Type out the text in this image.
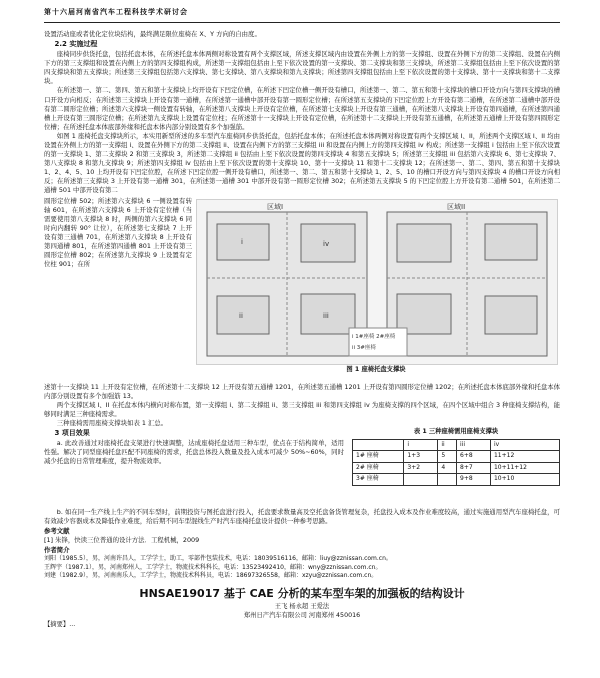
第十六届河南省汽车工程科技学术研讨会

设置活动座或者优化定位块结构，最终满足限位座椅在 X、Y 方向的自由度。

2.2 实施过程

座椅同步供货托盘，包括托盘本体，在所述托盘本体两侧对称设置有两个支撑区域，所述支撑区域内由设置在外侧上方的第一支撑组、设置在外侧下方的第二支撑组、设置在内侧下方的第三支撑组和设置在内侧上方的第四支撑组构成，所述第一支撑组包括由上至下依次设置的第一支撑块、第二支撑块和第三支撑块，所述第二支撑组包括由上至下依次设置的第四支撑块和第五支撑块；所述第三支撑组包括第六支撑块、第七支撑块、第八支撑块和第九支撑块；所述第四支撑组包括由上至下依次设置的第十支撑块、第十一支撑块和第十二支撑块。

在所述第一、第二、第四、第五和第十支撑块上均开设有下凹定位槽，在所述下凹定位槽一侧开设有槽口，所述第一、第二、第五和第十支撑块的槽口开设方向与第四支撑块的槽口开设方向相反；在所述第三支撑块上开设有第一通槽，在所述第一通槽中部开设有第一圆形定位槽；在所述第五支撑块的下凹定位腔上方开设有第二通槽，在所述第二通槽中部开设有第二圆形定位槽；所述第六支撑块一侧设置有转轴，在所述第八支撑块上开设有定位槽，在所述第七支撑块上开设有第三通槽，在所述第八支撑块上开设有第四通槽，在所述第四通槽上开设有第三圆形定位槽；在所述第九支撑块上设置有定位柱；在所述第十一支撑块上开设有定位槽，在所述第十二支撑块上开设有第五通槽，在所述第五通槽上开设有第四圆形定位槽；在所述托盘本体底部外缘和托盘本体内部分别设置有多个加强筋。

如图 1 座椅托盘支撑块所示，本实用新型所述的多车型汽车座椅同步供货托盘，包括托盘本体；在所述托盘本体两侧对称设置有两个支撑区域 I、II，所述两个支撑区域 I、II 均由设置在外侧上方的第一支撑组 i、设置在外侧下方的第二支撑组 ii、设置在内侧下方的第三支撑组 iii 和设置在内侧上方的第四支撑组 iv 构成；所述第一支撑组 i 包括由上至下依次设置的第一支撑块 1、第二支撑块 2 和第三支撑块 3，所述第二支撑组 ii 包括由上至下依次设置的第四支撑块 4 和第五支撑块 5；所述第三支撑组 iii 包括第六支撑块 6、第七支撑块 7、第八支撑块 8 和第九支撑块 9；所述第四支撑组 iv 包括由上至下依次设置的第十支撑块 10、第十一支撑块 11 和第十二支撑块 12；在所述第一、第二、第四、第五和第十支撑块 1、2、4、5、10 上均开设有下凹定位腔，在所述下凹定位腔一侧开设有槽口，所述第一、第二、第五和第十支撑块 1、2、5、10 的槽口开设方向与第四支撑块 4 的槽口开设方向相反；在所述第三支撑块 3 上开设有第一通槽 301，在所述第一通槽 301 中部开设有第一圆形定位槽 302；在所述第五支撑块 5 的下凹定位腔上方开设有第二通槽 501，在所述第二通槽 501 中部开设有第二

圆形定位槽 502；所述第六支撑块 6 一侧设置有转轴 601，在所述第六支撑块 6 上开设有定位槽（当需要使用第八支撑块 8 时，两侧的第六支撑块 6 同时向内翻转 90° 让位），在所述第七支撑块 7 上开设有第三通槽 701，在所述第八支撑块 8 上开设有第四通槽 801，在所述第四通槽 801 上开设有第三圆形定位槽 802；在所述第九支撑块 9 上设置有定位柱 901；在所

区域I	区域II
i
ii	iii
iv
i 1#座椅 2#座椅
ii 3#座椅
图 1 座椅托盘支撑块

述第十一支撑块 11 上开设有定位槽，在所述第十二支撑块 12 上开设有第五通槽 1201，在所述第五通槽 1201 上开设有第四圆形定位槽 1202；在所述托盘本体底部外缘和托盘本体内部分别设置有多个加强筋 13。

两个支撑区域 I、II 在托盘本体内横向对称布置，第一支撑组 i、第二支撑组 ii、第三支撑组 iii 和第四支撑组 iv 为座椅支撑的四个区域，在四个区域中组合 3 种座椅支撑结构，能够同时满足三种座椅需求。

三种座椅需用座椅支撑块如表 1 汇总。

3 项目效果

a. 此改善通过对座椅托盘支架进行快速调整，达成座椅托盘适用三种车型，优点在于结构简单，适用性强。解决了同型座椅托盘匹配不同座椅的需求，托盘总体投入数量及投入成本可减少 50%~60%，同时减少托盘的日常管理难度，提升物流效率。

表 1 三种座椅需用座椅支撑块
	i	ii	iii	iv
1# 座椅	1+3	5	6+8	11+12
2# 座椅	3+2	4	8+7	10+11+12
3# 座椅			9+8	10+10

b. 如在同一生产线上生产的不同车型时，前期投资与图托盘进行投入，托盘要求数量高及空托盘备货管理复杂，托盘投入成本及作业难度较高，通过实施通用型汽车座椅托盘，可有效减少容器成本及降低作业难度，给后期不同车型混线生产时汽车座椅托盘设计提供一种参考思路。

参考文献

[1] 朱锋，快读三位普通的设计方法．工程机械，2009

作者简介

刘阳（1985.5），男，河南许昌人，工学学士，助工，零部件包装技术，电话：18039516116，邮箱：liuy@zznissan.com.cn。

王辉宇（1987.1），男，河南郑州人，工学学士，物流技术科科长，电话：13523492410，邮箱：wny@zznissan.com.cn。

刘建（1982.9），男，河南南乐人，工学学士，物流技术科科员，电话：18697326558，邮箱：xzyu@zznissan.com.cn。

HNSAE19017 基于 CAE 分析的某车型车架的加强板的结构设计
王飞 杨永超 王爱法
郑州日产汽车有限公司 河南郑州 450016
【摘要】...
